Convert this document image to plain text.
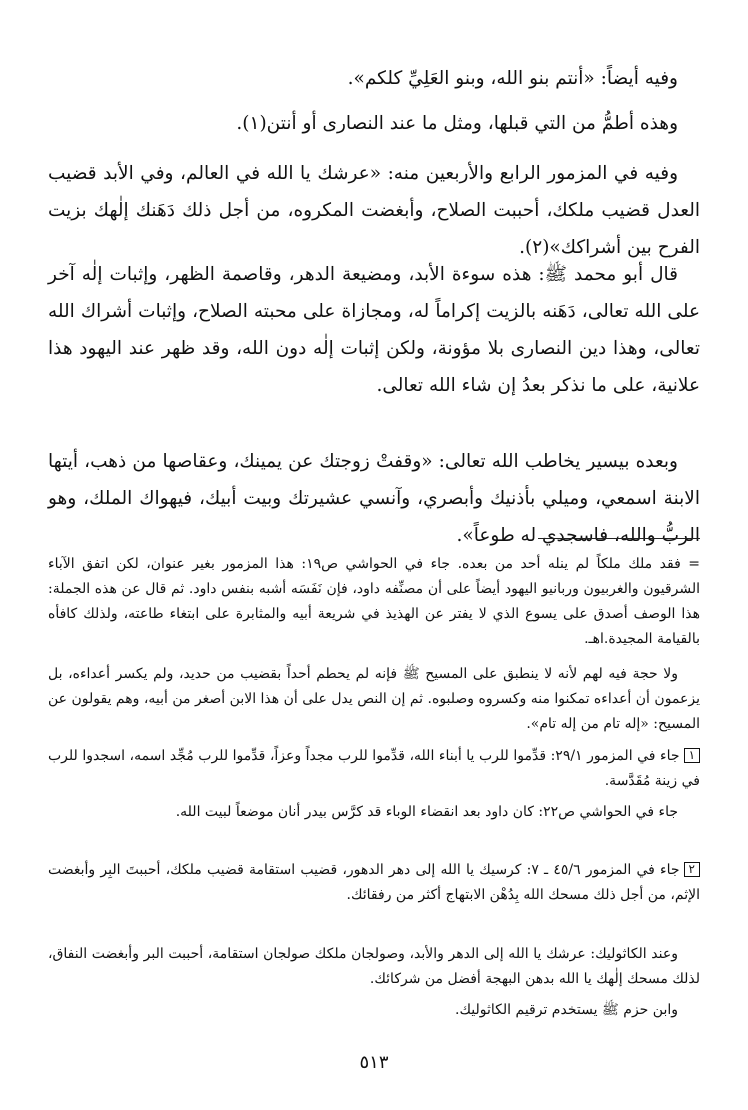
وفيه أيضاً: «أنتم بنو الله، وبنو العَلِيِّ كلكم».

وهذه أطمُّ من التي قبلها، ومثل ما عند النصارى أو أنتن(١).

وفيه في المزمور الرابع والأربعين منه: «عرشك يا الله في العالم، وفي الأبد قضيب العدل قضيب ملكك، أحببت الصلاح، وأبغضت المكروه، من أجل ذلك دَهَنك إلٰهك بزيت الفرح بين أشراكك»(٢).

قال أبو محمد ﷺ: هذه سوءة الأبد، ومضيعة الدهر، وقاصمة الظهر، وإثبات إلٰه آخر على الله تعالى، دَهَنه بالزيت إكراماً له، ومجازاة على محبته الصلاح، وإثبات أشراك الله تعالى، وهذا دين النصارى بلا مؤونة، ولكن إثبات إلٰه دون الله، وقد ظهر عند اليهود هذا علانية، على ما نذكر بعدُ إن شاء الله تعالى.

وبعده بيسير يخاطب الله تعالى: «وقفتْ زوجتك عن يمينك، وعقاصها من ذهب، أيتها الابنة اسمعي، وميلي بأذنيك وأبصري، وآنسي عشيرتك وبيت أبيك، فيهواك الملك، وهو الربُّ والله، فاسجدي له طوعاً».

= فقد ملك ملكاً لم ينله أحد من بعده. جاء في الحواشي ص١٩: هذا المزمور بغير عنوان، لكن اتفق الآباء الشرقيون والغربيون وربانيو اليهود أيضاً على أن مصنِّفه داود، فإن نَفَسَه أشبه بنفس داود. ثم قال عن هذه الجملة: هذا الوصف أصدق على يسوع الذي لا يفتر عن الهذيذ في شريعة أبيه والمثابرة على ابتغاء طاعته، ولذلك كافأه بالقيامة المجيدة.اهـ.

ولا حجة فيه لهم لأنه لا ينطبق على المسيح ﷺ فإنه لم يحطم أحداً بقضيب من حديد، ولم يكسر أعداءه، بل يزعمون أن أعداءه تمكنوا منه وكسروه وصلبوه. ثم إن النص يدل على أن هذا الابن أصغر من أبيه، وهم يقولون عن المسيح: «إله تام من إله تام».

١جاء في المزمور ٢٩/١: قدِّموا للرب يا أبناء الله، قدِّموا للرب مجداً وعزاً، قدِّموا للرب مُجِّد اسمه، اسجدوا للرب في زينة مُقَدَّسة.

جاء في الحواشي ص٢٢: كان داود بعد انقضاء الوباء قد كرَّس بيدر أنان موضعاً لبيت الله.

٢جاء في المزمور ٤٥/٦ ـ ٧: كرسيك يا الله إلى دهر الدهور، قضيب استقامة قضيب ملكك، أحببتَ البِر وأبغضت الإثم، من أجل ذلك مسحك الله بِدُهْن الابتهاج أكثر من رفقائك.

وعند الكاثوليك: عرشك يا الله إلى الدهر والأبد، وصولجان ملكك صولجان استقامة، أحببت البر وأبغضت النفاق، لذلك مسحك إلٰهك يا الله بدهن البهجة أفضل من شركائك.

وابن حزم ﷺ يستخدم ترقيم الكاثوليك.

٥١٣
